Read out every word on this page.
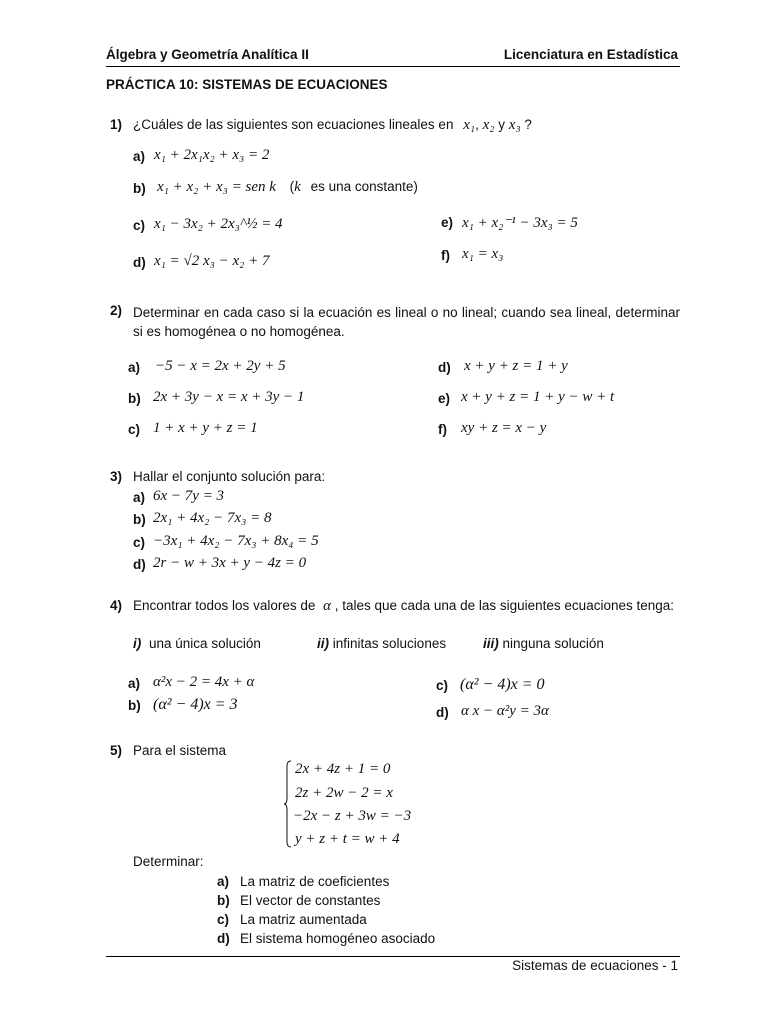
Álgebra y Geometría Analítica II	Licenciatura en Estadística
PRÁCTICA 10: SISTEMAS DE ECUACIONES
1) ¿Cuáles de las siguientes son ecuaciones lineales en x₁, x₂ y x₃ ?
a) x₁ + 2x₁x₂ + x₃ = 2
b) x₁ + x₂ + x₃ = sen k (k es una constante)
c) x₁ − 3x₂ + 2x₃^½ = 4
d) x₁ = √2 x₃ − x₂ + 7
e) x₁ + x₂⁻¹ − 3x₃ = 5
f) x₁ = x₃
2) Determinar en cada caso si la ecuación es lineal o no lineal; cuando sea lineal, determinar si es homogénea o no homogénea.
a) −5 − x = 2x + 2y + 5
b) 2x + 3y − x = x + 3y − 1
c) 1 + x + y + z = 1
d) x + y + z = 1 + y
e) x + y + z = 1 + y − w + t
f) xy + z = x − y
3) Hallar el conjunto solución para:
a) 6x − 7y = 3
b) 2x₁ + 4x₂ − 7x₃ = 8
c) −3x₁ + 4x₂ − 7x₃ + 8x₄ = 5
d) 2r − w + 3x + y − 4z = 0
4) Encontrar todos los valores de α , tales que cada una de las siguientes ecuaciones tenga:
i) una única solución	ii) infinitas soluciones	iii) ninguna solución
a) α²x − 2 = 4x + α
b) (α² − 4)x = 3
c) (α² − 4)x = 0
d) α x − α²y = 3α
5) Para el sistema
2x + 4z + 1 = 0
2z + 2w − 2 = x
−2x − z + 3w = −3
y + z + t = w + 4
Determinar:
a) La matriz de coeficientes
b) El vector de constantes
c) La matriz aumentada
d) El sistema homogéneo asociado
Sistemas de ecuaciones - 1
